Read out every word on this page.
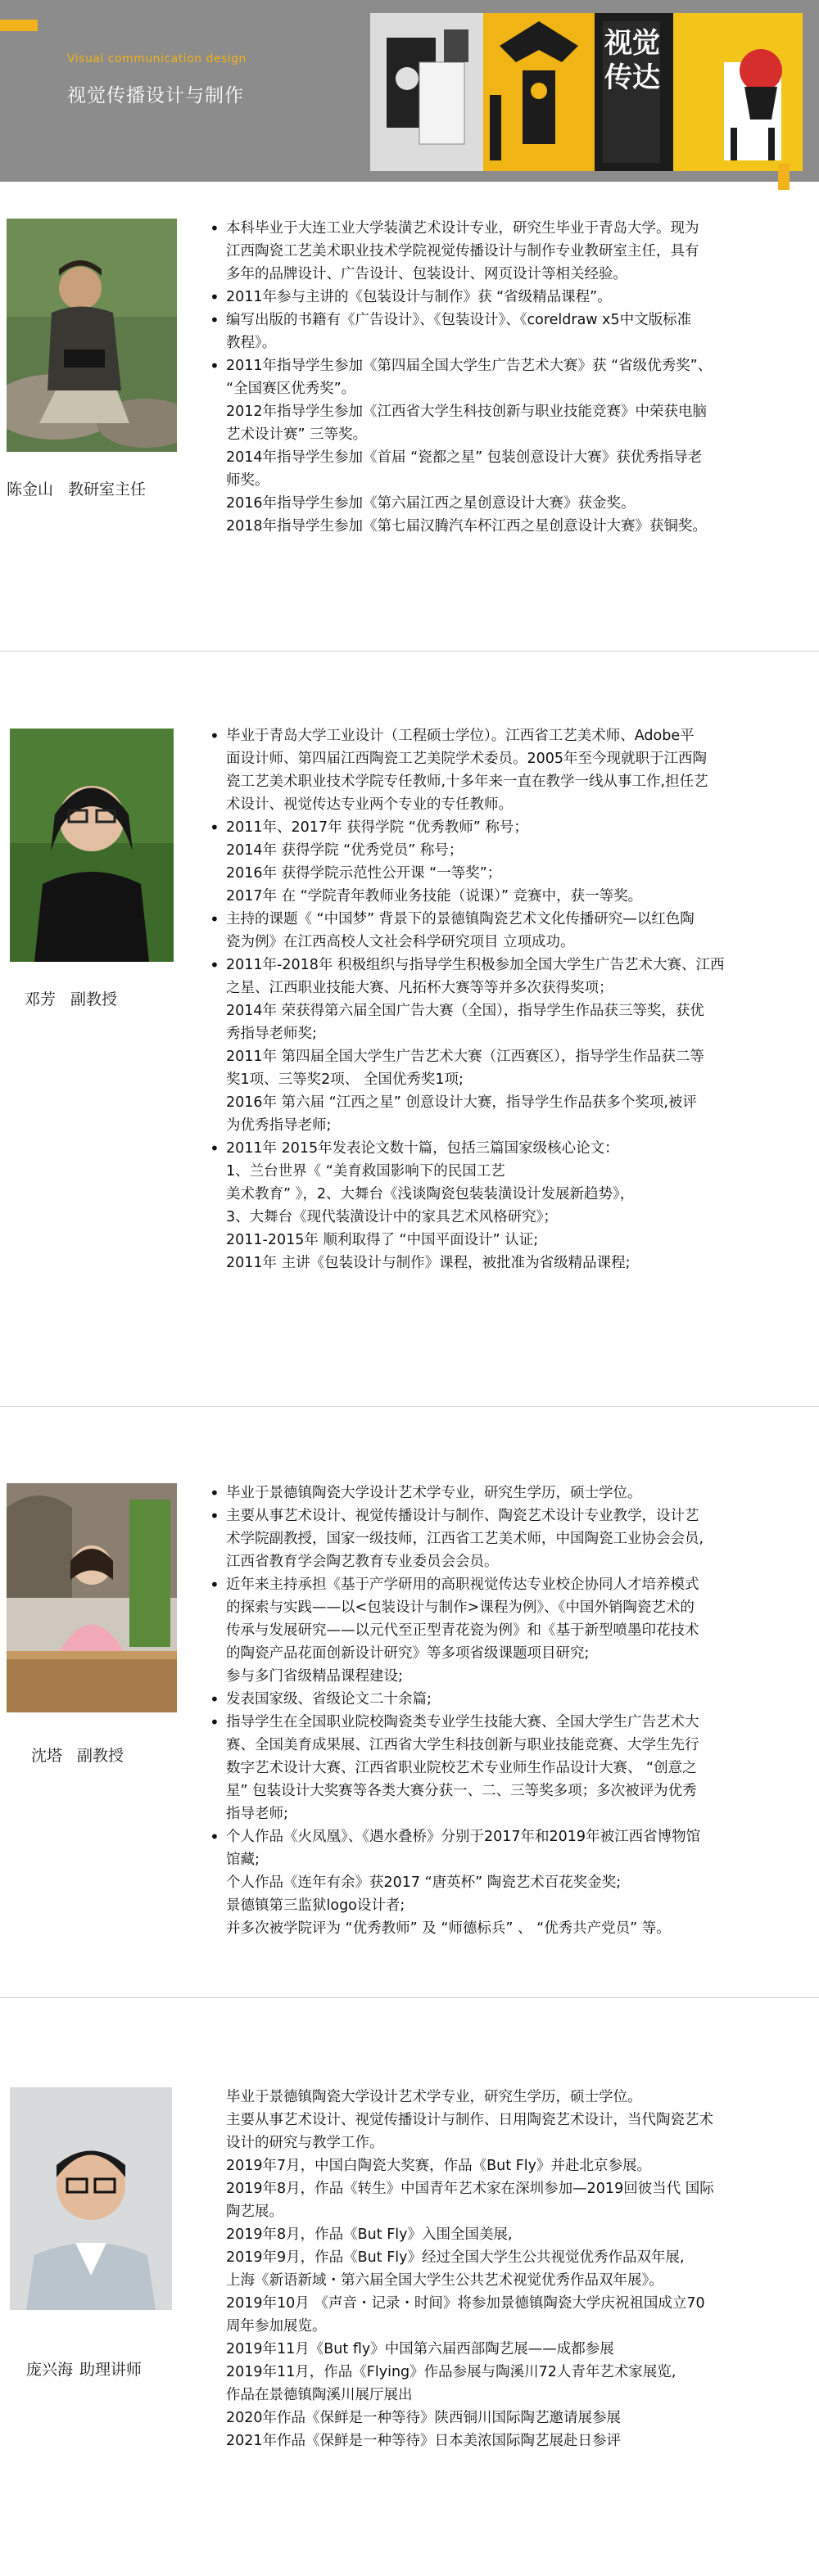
Visual communication design
视觉传播设计与制作
视觉传达
陈金山 教研室主任
• 本科毕业于大连工业大学装潢艺术设计专业，研究生毕业于青岛大学。现为
江西陶瓷工艺美术职业技术学院视觉传播设计与制作专业教研室主任，具有
多年的品牌设计、广告设计、包装设计、网页设计等相关经验。
• 2011年参与主讲的《包装设计与制作》获 “省级精品课程”。
• 编写出版的书籍有《广告设计》、《包装设计》、《coreldraw x5中文版标准
教程》。
• 2011年指导学生参加《第四届全国大学生广告艺术大赛》获 “省级优秀奖”、
“全国赛区优秀奖”。
2012年指导学生参加《江西省大学生科技创新与职业技能竞赛》中荣获电脑
艺术设计赛” 三等奖。
2014年指导学生参加《首届 “瓷都之星” 包装创意设计大赛》获优秀指导老
师奖。
2016年指导学生参加《第六届江西之星创意设计大赛》获金奖。
2018年指导学生参加《第七届汉腾汽车杯江西之星创意设计大赛》获铜奖。
邓芳 副教授
• 毕业于青岛大学工业设计（工程硕士学位）。江西省工艺美术师、Adobe平
面设计师、第四届江西陶瓷工艺美院学术委员。2005年至今现就职于江西陶
瓷工艺美术职业技术学院专任教师,十多年来一直在教学一线从事工作,担任艺
术设计、视觉传达专业两个专业的专任教师。
• 2011年、2017年 获得学院 “优秀教师” 称号；
2014年 获得学院 “优秀党员” 称号；
2016年 获得学院示范性公开课 “一等奖”；
2017年 在 “学院青年教师业务技能（说课）” 竞赛中，获一等奖。
• 主持的课题《 “中国梦” 背景下的景德镇陶瓷艺术文化传播研究—以红色陶
瓷为例》在江西高校人文社会科学研究项目 立项成功。
• 2011年-2018年 积极组织与指导学生积极参加全国大学生广告艺术大赛、江西
之星、江西职业技能大赛、凡拓杯大赛等等并多次获得奖项；
2014年 荣获得第六届全国广告大赛（全国），指导学生作品获三等奖，获优
秀指导老师奖;
2011年 第四届全国大学生广告艺术大赛（江西赛区），指导学生作品获二等
奖1项、三等奖2项、 全国优秀奖1项;
2016年 第六届 “江西之星” 创意设计大赛，指导学生作品获多个奖项,被评
为优秀指导老师;
• 2011年 2015年发表论文数十篇，包括三篇国家级核心论文：
1、兰台世界《 “美育救国影响下的民国工艺
美术教育” 》，2、大舞台《浅谈陶瓷包装装潢设计发展新趋势》，
3、大舞台《现代装潢设计中的家具艺术风格研究》；
2011-2015年 顺利取得了 “中国平面设计” 认证;
2011年 主讲《包装设计与制作》课程，被批准为省级精品课程;
沈塔 副教授
• 毕业于景德镇陶瓷大学设计艺术学专业，研究生学历，硕士学位。
• 主要从事艺术设计、视觉传播设计与制作、陶瓷艺术设计专业教学，设计艺
术学院副教授，国家一级技师，江西省工艺美术师，中国陶瓷工业协会会员,
江西省教育学会陶艺教育专业委员会会员。
• 近年来主持承担《基于产学研用的高职视觉传达专业校企协同人才培养模式
的探索与实践——以<包装设计与制作>课程为例》、《中国外销陶瓷艺术的
传承与发展研究——以元代至正型青花瓷为例》和《基于新型喷墨印花技术
的陶瓷产品花面创新设计研究》等多项省级课题项目研究;
参与多门省级精品课程建设;
• 发表国家级、省级论文二十余篇;
• 指导学生在全国职业院校陶瓷类专业学生技能大赛、全国大学生广告艺术大
赛、全国美育成果展、江西省大学生科技创新与职业技能竞赛、大学生先行
数字艺术设计大赛、江西省职业院校艺术专业师生作品设计大赛、 “创意之
星” 包装设计大奖赛等各类大赛分获一、二、三等奖多项；多次被评为优秀
指导老师;
• 个人作品《火凤凰》、《遇水叠桥》分别于2017年和2019年被江西省博物馆
馆藏;
个人作品《连年有余》获2017 “唐英杯” 陶瓷艺术百花奖金奖;
景德镇第三监狱logo设计者;
并多次被学院评为 “优秀教师” 及 “师德标兵” 、 “优秀共产党员” 等。
庞兴海 助理讲师
毕业于景德镇陶瓷大学设计艺术学专业，研究生学历，硕士学位。
主要从事艺术设计、视觉传播设计与制作、日用陶瓷艺术设计，当代陶瓷艺术
设计的研究与教学工作。
2019年7月，中国白陶瓷大奖赛，作品《But Fly》并赴北京参展。
2019年8月，作品《转生》中国青年艺术家在深圳参加—2019回彼当代 国际
陶艺展。
2019年8月，作品《But Fly》入围全国美展,
2019年9月，作品《But Fly》经过全国大学生公共视觉优秀作品双年展,
上海《新语新域・第六届全国大学生公共艺术视觉优秀作品双年展》。
2019年10月 《声音・记录・时间》将参加景德镇陶瓷大学庆祝祖国成立70
周年参加展览。
2019年11月《But fly》中国第六届西部陶艺展——成都参展
2019年11月，作品《Flying》作品参展与陶溪川72人青年艺术家展览,
作品在景德镇陶溪川展厅展出
2020年作品《保鲜是一种等待》陕西铜川国际陶艺邀请展参展
2021年作品《保鲜是一种等待》日本美浓国际陶艺展赴日参评
